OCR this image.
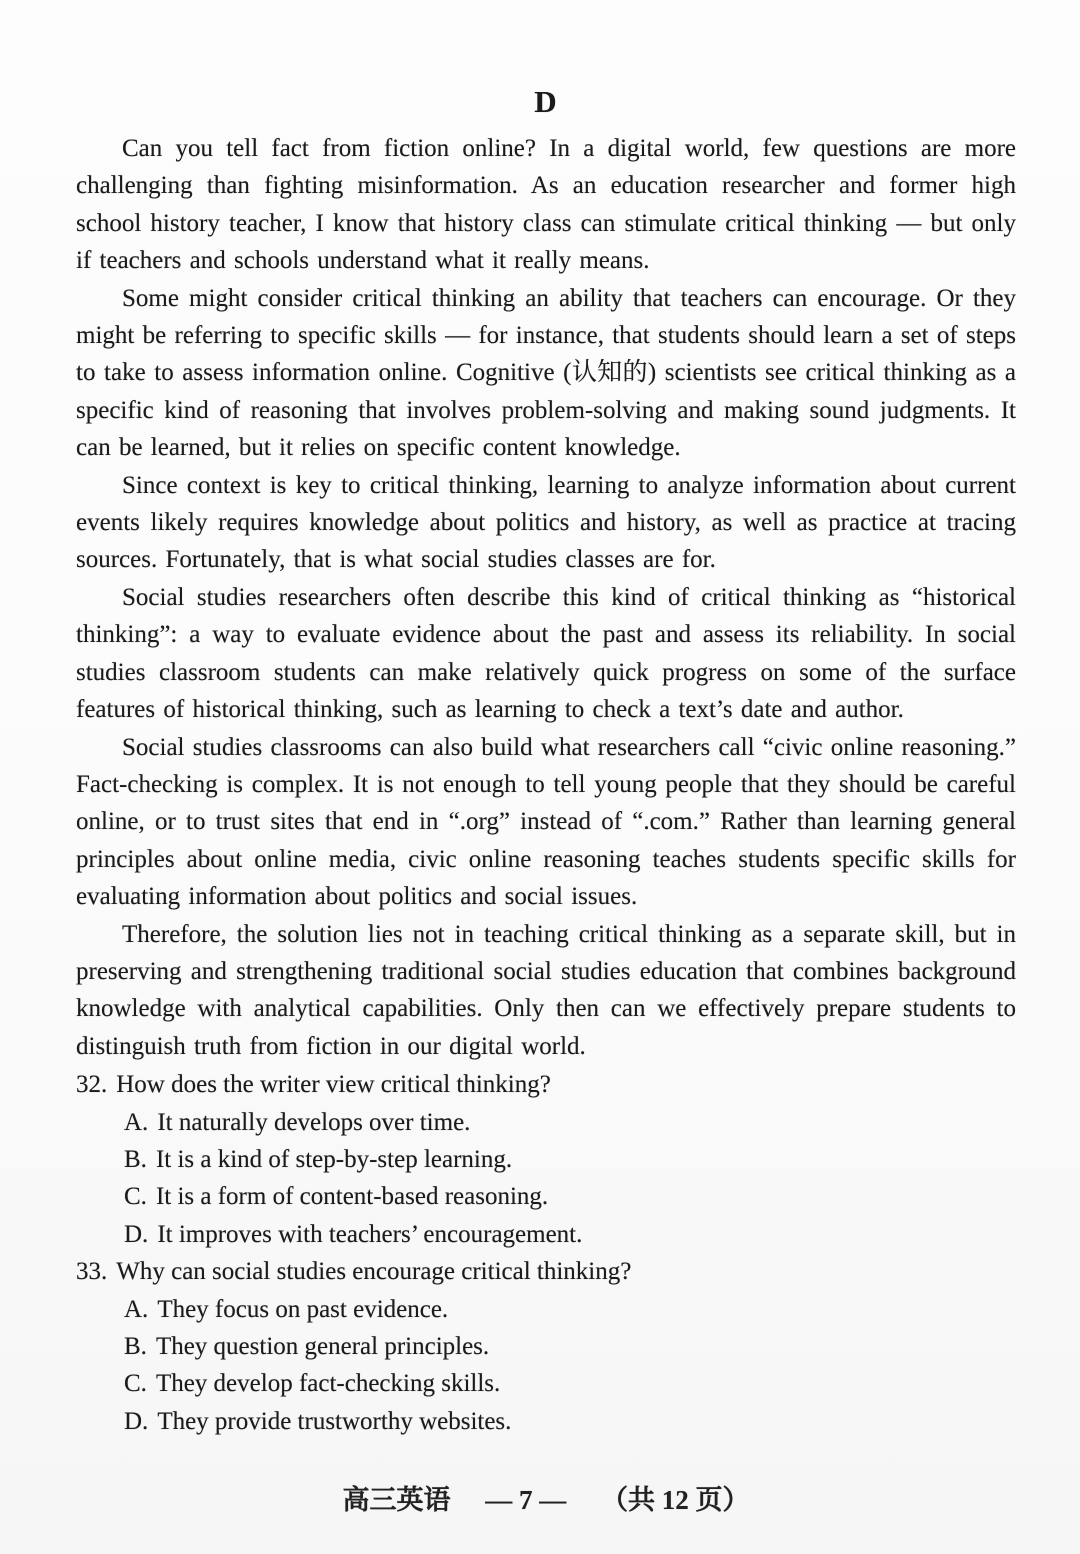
D

Can you tell fact from fiction online? In a digital world, few questions are more challenging than fighting misinformation. As an education researcher and former high school history teacher, I know that history class can stimulate critical thinking — but only if teachers and schools understand what it really means.

Some might consider critical thinking an ability that teachers can encourage. Or they might be referring to specific skills — for instance, that students should learn a set of steps to take to assess information online. Cognitive (认知的) scientists see critical thinking as a specific kind of reasoning that involves problem-solving and making sound judgments. It can be learned, but it relies on specific content knowledge.

Since context is key to critical thinking, learning to analyze information about current events likely requires knowledge about politics and history, as well as practice at tracing sources. Fortunately, that is what social studies classes are for.

Social studies researchers often describe this kind of critical thinking as “historical thinking”: a way to evaluate evidence about the past and assess its reliability. In social studies classroom students can make relatively quick progress on some of the surface features of historical thinking, such as learning to check a text’s date and author.

Social studies classrooms can also build what researchers call “civic online reasoning.” Fact-checking is complex. It is not enough to tell young people that they should be careful online, or to trust sites that end in “.org” instead of “.com.” Rather than learning general principles about online media, civic online reasoning teaches students specific skills for evaluating information about politics and social issues.

Therefore, the solution lies not in teaching critical thinking as a separate skill, but in preserving and strengthening traditional social studies education that combines background knowledge with analytical capabilities. Only then can we effectively prepare students to distinguish truth from fiction in our digital world.

32. How does the writer view critical thinking?
A. It naturally develops over time.
B. It is a kind of step-by-step learning.
C. It is a form of content-based reasoning.
D. It improves with teachers’ encouragement.
33. Why can social studies encourage critical thinking?
A. They focus on past evidence.
B. They question general principles.
C. They develop fact-checking skills.
D. They provide trustworthy websites.
高三英语 — 7 — （共 12 页）
